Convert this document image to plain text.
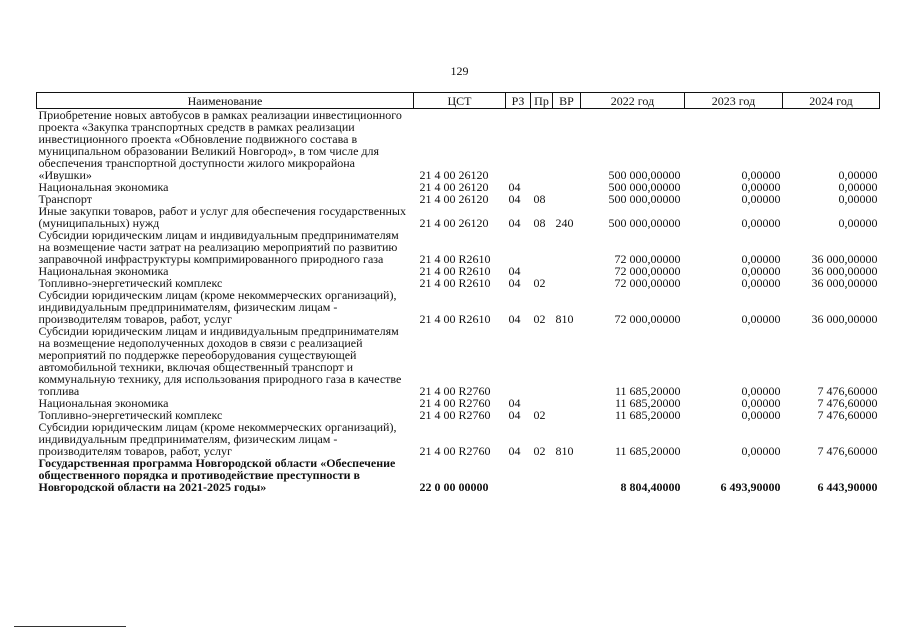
129
Наименование	ЦСТ	РЗ	Пр	ВР	2022 год	2023 год	2024 год
Приобретение новых автобусов в рамках реализации инвестиционного проекта «Закупка транспортных средств в рамках реализации инвестиционного проекта «Обновление подвижного состава в муниципальном образовании Великий Новгород», в том числе для обеспечения транспортной доступности жилого микрорайона «Ивушки»	21 4 00 26120				500 000,00000	0,00000	0,00000
Национальная экономика	21 4 00 26120	04			500 000,00000	0,00000	0,00000
Транспорт	21 4 00 26120	04	08		500 000,00000	0,00000	0,00000
Иные закупки товаров, работ и услуг для обеспечения государственных (муниципальных) нужд	21 4 00 26120	04	08	240	500 000,00000	0,00000	0,00000
Субсидии юридическим лицам и индивидуальным предпринимателям на возмещение части затрат на реализацию мероприятий по развитию заправочной инфраструктуры компримированного природного газа	21 4 00 R2610				72 000,00000	0,00000	36 000,00000
Национальная экономика	21 4 00 R2610	04			72 000,00000	0,00000	36 000,00000
Топливно-энергетический комплекс	21 4 00 R2610	04	02		72 000,00000	0,00000	36 000,00000
Субсидии юридическим лицам (кроме некоммерческих организаций), индивидуальным предпринимателям, физическим лицам - производителям товаров, работ, услуг	21 4 00 R2610	04	02	810	72 000,00000	0,00000	36 000,00000
Субсидии юридическим лицам и индивидуальным предпринимателям на возмещение недополученных доходов в связи с реализацией мероприятий по поддержке переоборудования существующей автомобильной техники, включая общественный транспорт и коммунальную технику, для использования природного газа в качестве топлива	21 4 00 R2760				11 685,20000	0,00000	7 476,60000
Национальная экономика	21 4 00 R2760	04			11 685,20000	0,00000	7 476,60000
Топливно-энергетический комплекс	21 4 00 R2760	04	02		11 685,20000	0,00000	7 476,60000
Субсидии юридическим лицам (кроме некоммерческих организаций), индивидуальным предпринимателям, физическим лицам - производителям товаров, работ, услуг	21 4 00 R2760	04	02	810	11 685,20000	0,00000	7 476,60000
Государственная программа Новгородской области «Обеспечение общественного порядка и противодействие преступности в Новгородской области на 2021-2025 годы»	22 0 00 00000				8 804,40000	6 493,90000	6 443,90000
